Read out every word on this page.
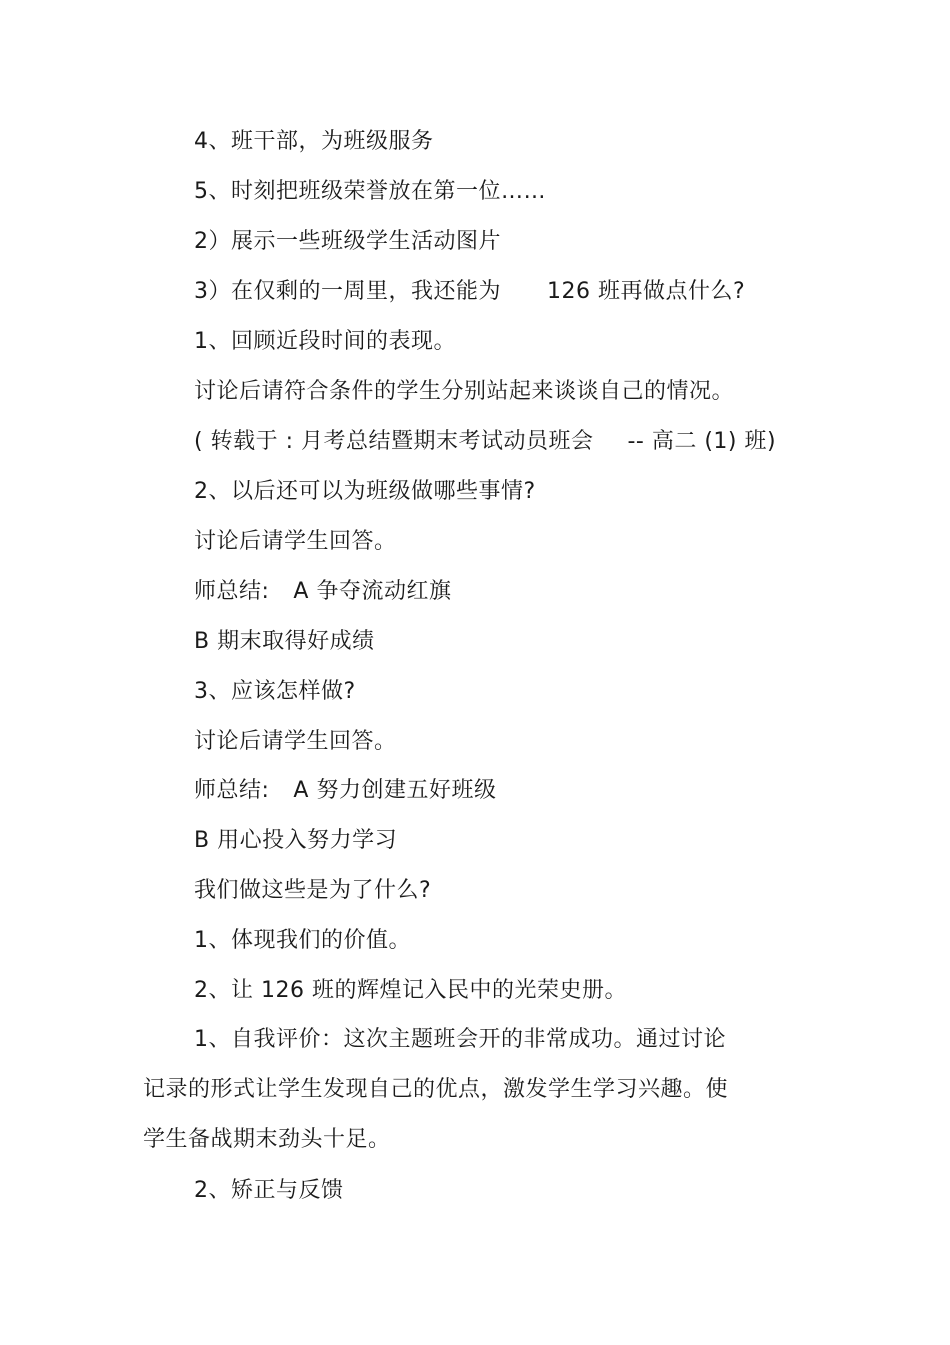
4、班干部，为班级服务
5、时刻把班级荣誉放在第一位……
2）展示一些班级学生活动图片
3）在仅剩的一周里，我还能为 126 班再做点什么?
1、回顾近段时间的表现。
讨论后请符合条件的学生分别站起来谈谈自己的情况。
( 转载于 : 月考总结暨期末考试动员班会 -- 高二 (1) 班)
2、以后还可以为班级做哪些事情?
讨论后请学生回答。
师总结: A 争夺流动红旗
B 期末取得好成绩
3、应该怎样做?
讨论后请学生回答。
师总结: A 努力创建五好班级
B 用心投入努力学习
我们做这些是为了什么?
1、体现我们的价值。
2、让 126 班的辉煌记入民中的光荣史册。
1、自我评价：这次主题班会开的非常成功。通过讨论
记录的形式让学生发现自己的优点，激发学生学习兴趣。使
学生备战期末劲头十足。
2、矫正与反馈
